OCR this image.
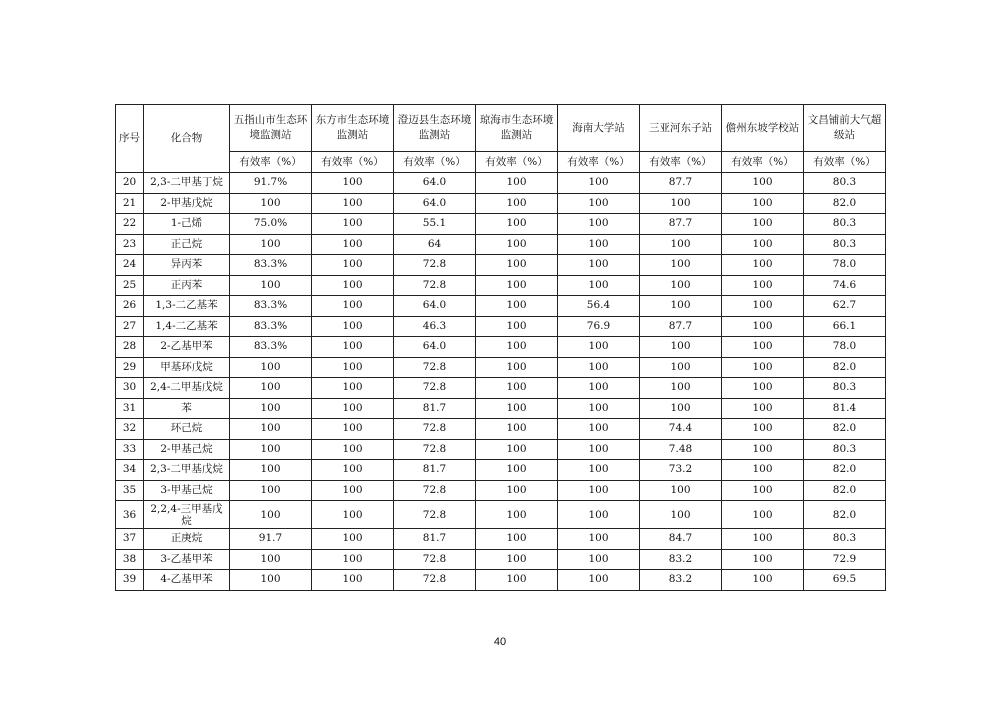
序号	化合物	五指山市生态环境监测站	东方市生态环境监测站	澄迈县生态环境监测站	琼海市生态环境监测站	海南大学站	三亚河东子站	儋州东坡学校站	文昌铺前大气超级站
		有效率（%）	有效率（%）	有效率（%）	有效率（%）	有效率（%）	有效率（%）	有效率（%）	有效率（%）
20	2,3-二甲基丁烷	91.7%	100	64.0	100	100	87.7	100	80.3
21	2-甲基戊烷	100	100	64.0	100	100	100	100	82.0
22	1-己烯	75.0%	100	55.1	100	100	87.7	100	80.3
23	正己烷	100	100	64	100	100	100	100	80.3
24	异丙苯	83.3%	100	72.8	100	100	100	100	78.0
25	正丙苯	100	100	72.8	100	100	100	100	74.6
26	1,3-二乙基苯	83.3%	100	64.0	100	56.4	100	100	62.7
27	1,4-二乙基苯	83.3%	100	46.3	100	76.9	87.7	100	66.1
28	2-乙基甲苯	83.3%	100	64.0	100	100	100	100	78.0
29	甲基环戊烷	100	100	72.8	100	100	100	100	82.0
30	2,4-二甲基戊烷	100	100	72.8	100	100	100	100	80.3
31	苯	100	100	81.7	100	100	100	100	81.4
32	环己烷	100	100	72.8	100	100	74.4	100	82.0
33	2-甲基己烷	100	100	72.8	100	100	7.48	100	80.3
34	2,3-二甲基戊烷	100	100	81.7	100	100	73.2	100	82.0
35	3-甲基己烷	100	100	72.8	100	100	100	100	82.0
36	2,2,4-三甲基戊烷	100	100	72.8	100	100	100	100	82.0
37	正庚烷	91.7	100	81.7	100	100	84.7	100	80.3
38	3-乙基甲苯	100	100	72.8	100	100	83.2	100	72.9
39	4-乙基甲苯	100	100	72.8	100	100	83.2	100	69.5
40
